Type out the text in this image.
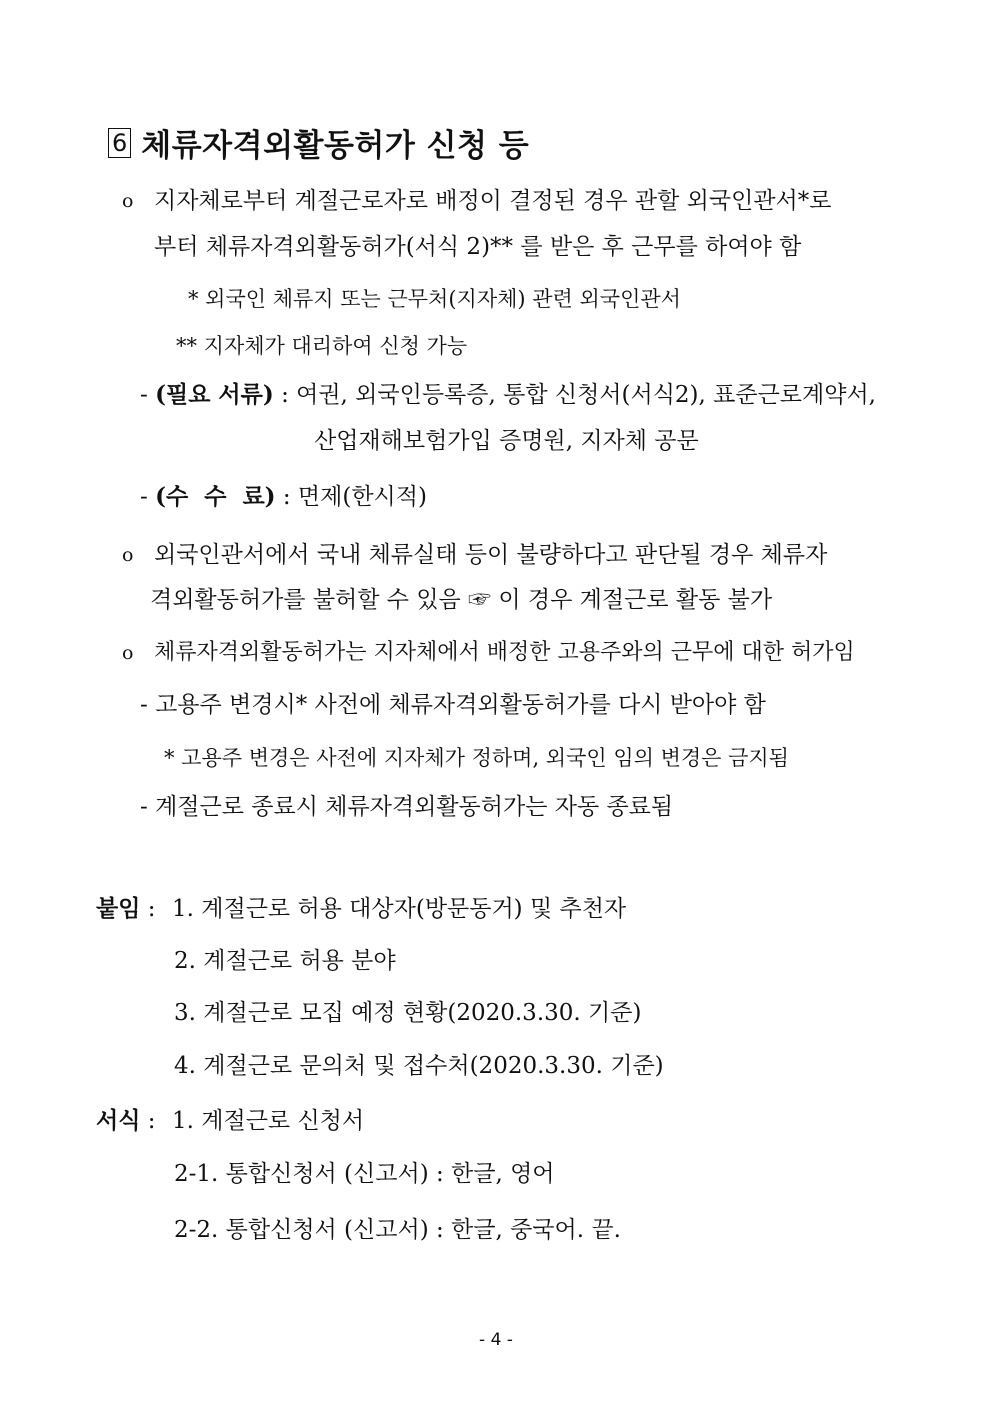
6 체류자격외활동허가 신청 등
o 지자체로부터 계절근로자로 배정이 결정된 경우 관할 외국인관서*로
부터 체류자격외활동허가(서식 2)** 를 받은 후 근무를 하여야 함
* 외국인 체류지 또는 근무처(지자체) 관련 외국인관서
** 지자체가 대리하여 신청 가능
- (필요 서류) : 여권, 외국인등록증, 통합 신청서(서식2), 표준근로계약서,
산업재해보험가입 증명원, 지자체 공문
- (수  수  료) : 면제(한시적)
o 외국인관서에서 국내 체류실태 등이 불량하다고 판단될 경우 체류자
격외활동허가를 불허할 수 있음 ☞ 이 경우 계절근로 활동 불가
o 체류자격외활동허가는 지자체에서 배정한 고용주와의 근무에 대한 허가임
- 고용주 변경시* 사전에 체류자격외활동허가를 다시 받아야 함
* 고용주 변경은 사전에 지자체가 정하며, 외국인 임의 변경은 금지됨
- 계절근로 종료시 체류자격외활동허가는 자동 종료됨
붙임 : 1. 계절근로 허용 대상자(방문동거) 및 추천자
2. 계절근로 허용 분야
3. 계절근로 모집 예정 현황(2020.3.30. 기준)
4. 계절근로 문의처 및 접수처(2020.3.30. 기준)
서식 : 1. 계절근로 신청서
2-1. 통합신청서 (신고서) : 한글, 영어
2-2. 통합신청서 (신고서) : 한글, 중국어. 끝.
- 4 -
